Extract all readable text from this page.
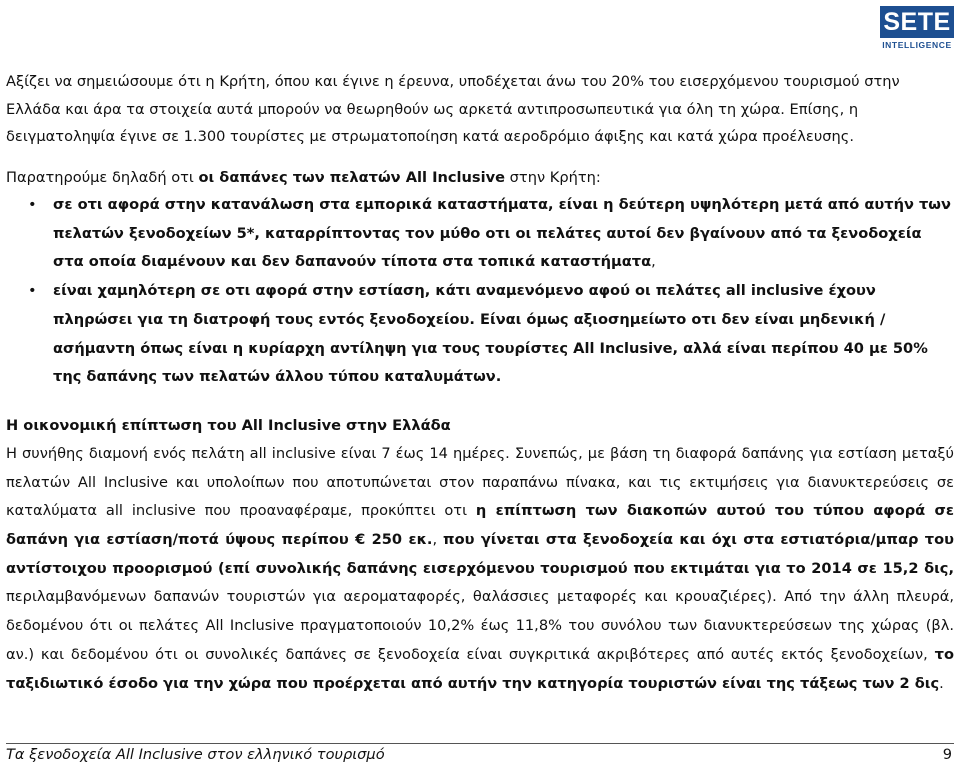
SETE
INTELLIGENCE

Αξίζει να σημειώσουμε ότι η Κρήτη, όπου και έγινε η έρευνα, υποδέχεται άνω του 20% του εισερχόμενου τουρισμού στην Ελλάδα και άρα τα στοιχεία αυτά μπορούν να θεωρηθούν ως αρκετά αντιπροσωπευτικά για όλη τη χώρα. Επίσης, η δειγματοληψία έγινε σε 1.300 τουρίστες με στρωματοποίηση κατά αεροδρόμιο άφιξης και κατά χώρα προέλευσης.

Παρατηρούμε δηλαδή οτι οι δαπάνες των πελατών All Inclusive στην Κρήτη:

• σε οτι αφορά στην κατανάλωση στα εμπορικά καταστήματα, είναι η δεύτερη υψηλότερη μετά από αυτήν των πελατών ξενοδοχείων 5*, καταρρίπτοντας τον μύθο οτι οι πελάτες αυτοί δεν βγαίνουν από τα ξενοδοχεία στα οποία διαμένουν και δεν δαπανούν τίποτα στα τοπικά καταστήματα,
• είναι χαμηλότερη σε οτι αφορά στην εστίαση, κάτι αναμενόμενο αφού οι πελάτες all inclusive έχουν πληρώσει για τη διατροφή τους εντός ξενοδοχείου. Είναι όμως αξιοσημείωτο οτι δεν είναι μηδενική / ασήμαντη όπως είναι η κυρίαρχη αντίληψη για τους τουρίστες All Inclusive, αλλά είναι περίπου 40 με 50% της δαπάνης των πελατών άλλου τύπου καταλυμάτων.

Η οικονομική επίπτωση του All Inclusive στην Ελλάδα

Η συνήθης διαμονή ενός πελάτη all inclusive είναι 7 έως 14 ημέρες. Συνεπώς, με βάση τη διαφορά δαπάνης για εστίαση μεταξύ πελατών All Inclusive και υπολοίπων που αποτυπώνεται στον παραπάνω πίνακα, και τις εκτιμήσεις για διανυκτερεύσεις σε καταλύματα all inclusive που προαναφέραμε, προκύπτει οτι η επίπτωση των διακοπών αυτού του τύπου αφορά σε δαπάνη για εστίαση/ποτά ύψους περίπου € 250 εκ., που γίνεται στα ξενοδοχεία και όχι στα εστιατόρια/μπαρ του αντίστοιχου προορισμού (επί συνολικής δαπάνης εισερχόμενου τουρισμού που εκτιμάται για το 2014 σε 15,2 δις, περιλαμβανόμενων δαπανών τουριστών για αεροματαφορές, θαλάσσιες μεταφορές και κρουαζιέρες). Από την άλλη πλευρά, δεδομένου ότι οι πελάτες All Inclusive πραγματοποιούν 10,2% έως 11,8% του συνόλου των διανυκτερεύσεων της χώρας (βλ. αν.) και δεδομένου ότι οι συνολικές δαπάνες σε ξενοδοχεία είναι συγκριτικά ακριβότερες από αυτές εκτός ξενοδοχείων, το ταξιδιωτικό έσοδο για την χώρα που προέρχεται από αυτήν την κατηγορία τουριστών είναι της τάξεως των 2 δις.

Τα ξενοδοχεία All Inclusive στον ελληνικό τουρισμό	9
